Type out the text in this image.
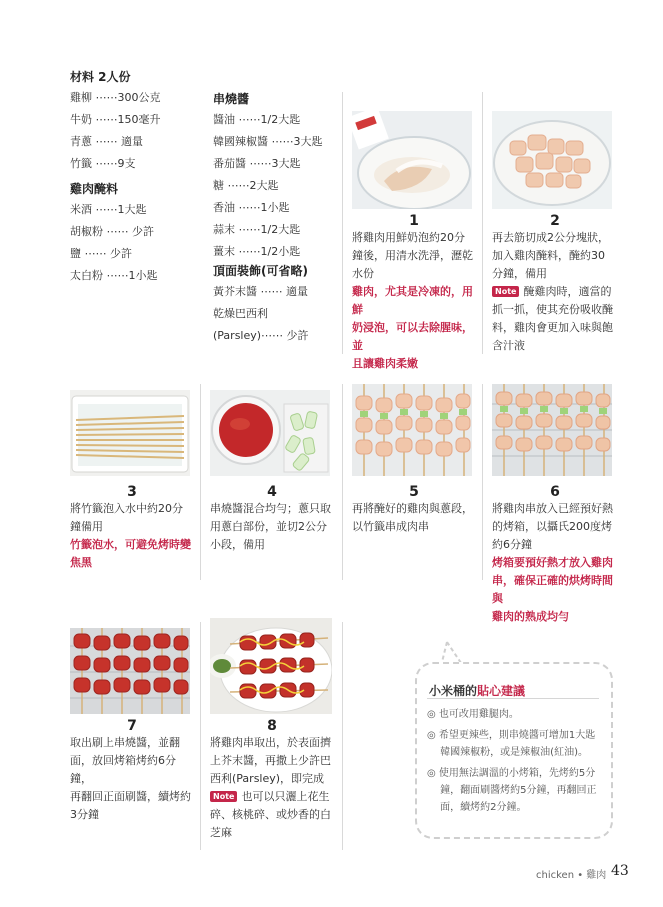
材料 2人份
雞柳 ⋯⋯300公克
牛奶 ⋯⋯150毫升
青蔥 ⋯⋯ 適量
竹籤 ⋯⋯9支
雞肉醃料
米酒 ⋯⋯1大匙
胡椒粉 ⋯⋯ 少許
鹽 ⋯⋯ 少許
太白粉 ⋯⋯1小匙
串燒醬
醬油 ⋯⋯1/2大匙
韓國辣椒醬 ⋯⋯3大匙
番茄醬 ⋯⋯3大匙
糖 ⋯⋯2大匙
香油 ⋯⋯1小匙
蒜末 ⋯⋯1/2大匙
薑末 ⋯⋯1/2小匙
頂面裝飾(可省略)
黃芥末醬 ⋯⋯ 適量
乾燥巴西利
(Parsley)⋯⋯ 少許
1
將雞肉用鮮奶泡約20分
鐘後，用清水洗淨，瀝乾
水份
雞肉，尤其是冷凍的，用鮮
奶浸泡，可以去除腥味，並
且讓雞肉柔嫩
2
再去筋切成2公分塊狀，
加入雞肉醃料，醃約30
分鐘，備用
Note 醃雞肉時，適當的
抓一抓，使其充份吸收醃
料，雞肉會更加入味與飽
含汁液
3
將竹籤泡入水中約20分
鐘備用
竹籤泡水，可避免烤時變
焦黑
4
串燒醬混合均勻；蔥只取
用蔥白部份，並切2公分
小段，備用
5
再將醃好的雞肉與蔥段，
以竹籤串成肉串
6
將雞肉串放入已經預好熱
的烤箱，以攝氏200度烤
約6分鐘
烤箱要預好熱才放入雞肉
串，確保正確的烘烤時間與
雞肉的熟成均勻
7
取出刷上串燒醬，並翻
面，放回烤箱烤約6分鐘，
再翻回正面刷醬，續烤約
3分鐘
8
將雞肉串取出，於表面擠
上芥末醬，再撒上少許巴
西利(Parsley)，即完成
Note 也可以只灑上花生
碎、核桃碎、或炒香的白
芝麻
小米桶的貼心建議
◎ 也可改用雞腿肉。
◎ 希望更辣些，則串燒醬可增加1大匙
　 韓國辣椒粉，或是辣椒油(紅油)。
◎ 使用無法調溫的小烤箱，先烤約5分
　 鐘，翻面刷醬烤約5分鐘，再翻回正
　 面，續烤約2分鐘。
chicken • 雞肉 43
